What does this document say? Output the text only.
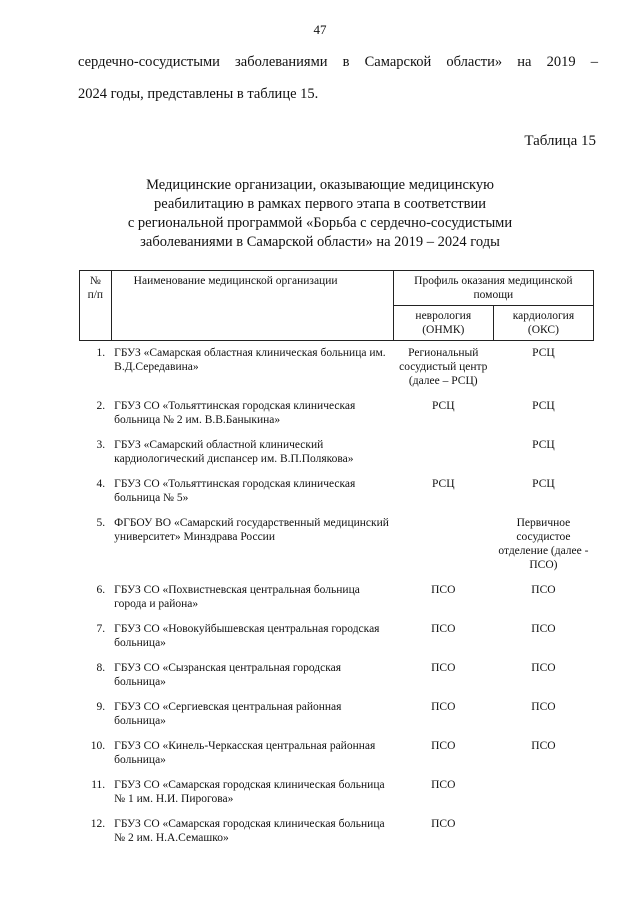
47
сердечно-сосудистыми заболеваниями в Самарской области» на 2019 –
2024 годы, представлены в таблице 15.
Таблица 15
Медицинские организации, оказывающие медицинскую
реабилитацию в рамках первого этапа в соответствии
с региональной программой «Борьба с сердечно-сосудистыми
заболеваниями в Самарской области» на 2019 – 2024 годы
№ п/п	Наименование медицинской организации	Профиль оказания медицинской помощи	
		неврология (ОНМК)	кардиология (ОКС)
1.	ГБУЗ «Самарская областная клиническая больница им. В.Д.Середавина»	Региональный сосудистый центр (далее – РСЦ)	РСЦ
2.	ГБУЗ СО «Тольяттинская городская клиническая больница № 2 им. В.В.Баныкина»	РСЦ	РСЦ
3.	ГБУЗ «Самарский областной клинический кардиологический диспансер им. В.П.Полякова»		РСЦ
4.	ГБУЗ СО «Тольяттинская городская клиническая больница № 5»	РСЦ	РСЦ
5.	ФГБОУ ВО «Самарский государственный медицинский университет» Минздрава России		Первичное сосудистое отделение (далее - ПСО)
6.	ГБУЗ СО «Похвистневская центральная больница города и района»	ПСО	ПСО
7.	ГБУЗ СО «Новокуйбышевская центральная городская больница»	ПСО	ПСО
8.	ГБУЗ СО «Сызранская центральная городская больница»	ПСО	ПСО
9.	ГБУЗ СО «Сергиевская центральная районная больница»	ПСО	ПСО
10.	ГБУЗ СО «Кинель-Черкасская центральная районная больница»	ПСО	ПСО
11.	ГБУЗ СО «Самарская городская клиническая больница № 1 им. Н.И. Пирогова»	ПСО	
12.	ГБУЗ СО «Самарская городская клиническая больница № 2 им. Н.А.Семашко»	ПСО	
